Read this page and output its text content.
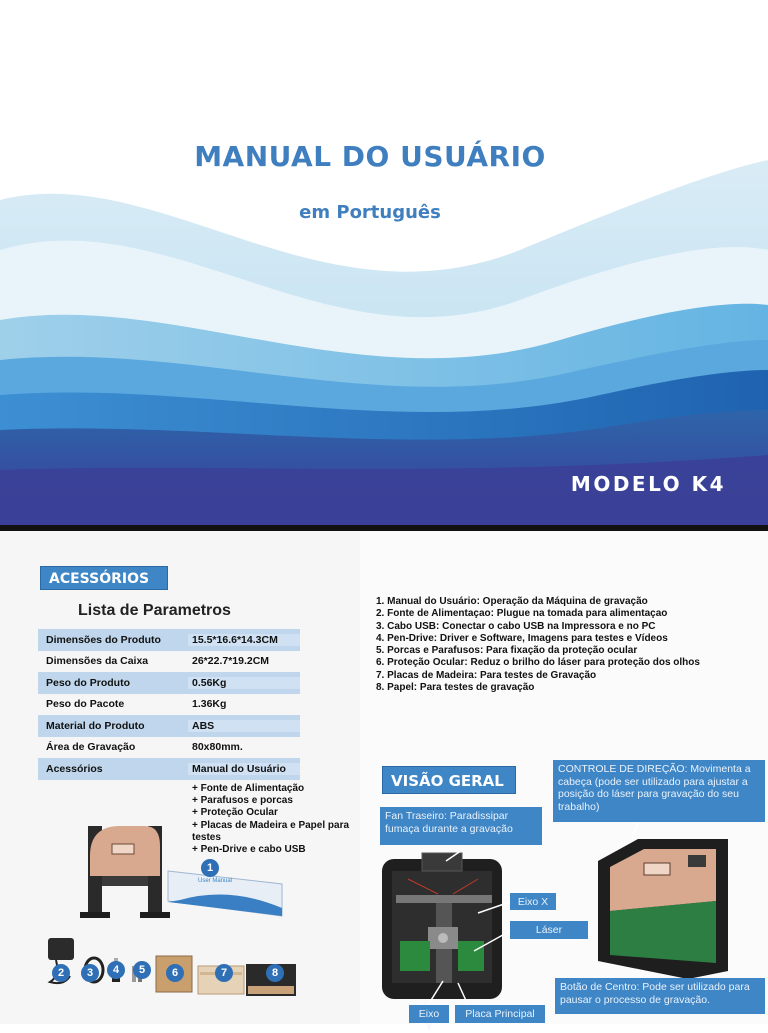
MANUAL DO USUÁRIO
em Português
MODELO K4
ACESSÓRIOS
Lista de Parametros
Dimensões do Produto	15.5*16.6*14.3CM
Dimensões da Caixa	26*22.7*19.2CM
Peso do Produto	0.56Kg
Peso do Pacote	1.36Kg
Material do Produto	ABS
Área de Gravação	80x80mm.
Acessórios	Manual do Usuário
+ Fonte de Alimentação
+ Parafusos e porcas
+ Proteção Ocular
+ Placas de Madeira e Papel para testes
+ Pen-Drive e cabo USB
User Manual
1
2	3	4	5	6	7	8
1. Manual do Usuário: Operação da Máquina de gravação
2. Fonte de Alimentaçao: Plugue na tomada para alimentaçao
3. Cabo USB: Conectar o cabo USB na Impressora e no PC
4. Pen-Drive: Driver e Software, Imagens para testes e Vídeos
5. Porcas e Parafusos: Para fixação da proteção ocular
6. Proteção Ocular: Reduz o brilho do láser para proteção dos olhos
7. Placas de Madeira: Para testes de Gravação
8. Papel: Para testes de gravação
VISÃO GERAL
Fan Traseiro: Paradissipar fumaça durante a gravação
CONTROLE DE DIREÇÃO: Movimenta a cabeça (pode ser utilizado para ajustar a posição do láser para gravação do seu trabalho)
Eixo X
Láser
Eixo Y
Placa Principal
Botão de Centro: Pode ser utilizado para pausar o processo de gravação.
